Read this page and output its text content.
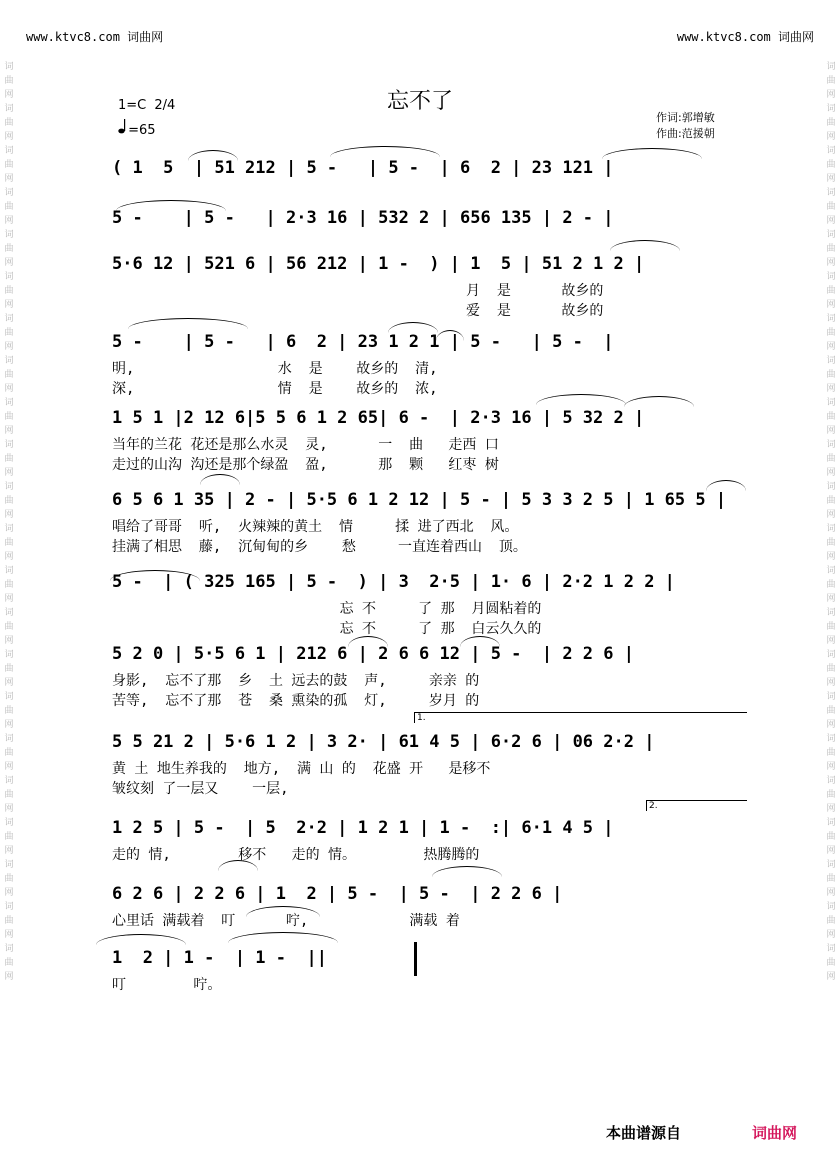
www.ktvc8.com 词曲网	www.ktvc8.com 词曲网
词曲网词曲网词曲网词曲网词曲网词曲网词曲网词曲网词曲网词曲网词曲网词曲网词曲网词曲网词曲网词曲网词曲网词曲网词曲网词曲网词曲网词曲网
词曲网词曲网词曲网词曲网词曲网词曲网词曲网词曲网词曲网词曲网词曲网词曲网词曲网词曲网词曲网词曲网词曲网词曲网词曲网词曲网词曲网词曲网
忘不了
1=C 2/4
=65
作词:郭增敏
作曲:范援朝
( 1  5  | 51 212 | 5 -   | 5 -  | 6  2 | 23 121 |
5 -    | 5 -   | 2·3 16 | 532 2 | 656 135 | 2 - |
5·6 12 | 521 6 | 56 212 | 1 -  ) | 1  5 | 51 2 1 2 |
月  是      故乡的
爱  是      故乡的
5 -    | 5 -   | 6  2 | 23 1 2 1 | 5 -   | 5 -  |
明,                 水  是    故乡的  清,
深,                 情  是    故乡的  浓,
1 5 1 |2 12 6|5 5 6 1 2 65| 6 -  | 2·3 16 | 5 32 2 |
当年的兰花 花还是那么水灵  灵,      一  曲   走西 口
走过的山沟 沟还是那个绿盈  盈,      那  颗   红枣 树
6 5 6 1 35 | 2 - | 5·5 6 1 2 12 | 5 - | 5 3 3 2 5 | 1 65 5 |
唱给了哥哥  听,  火辣辣的黄土  情     揉 进了西北  风。
挂满了相思  藤,  沉甸甸的乡    愁     一直连着西山  顶。
5 -  | ( 325 165 | 5 -  ) | 3  2·5 | 1· 6 | 2·2 1 2 2 |
忘 不     了 那  月圆粘着的
忘 不     了 那  白云久久的
5 2 0 | 5·5 6 1 | 212 6 | 2 6 6 12 | 5 -  | 2 2 6 |
身影,  忘不了那  乡  土 远去的鼓  声,     亲亲 的
苦等,  忘不了那  苍  桑 熏染的孤  灯,     岁月 的
5 5 21 2 | 5·6 1 2 | 3 2· | 61 4 5 | 6·2 6 | 06 2·2 |
黄 土 地生养我的  地方,  满 山 的  花盛 开   是移不
皱纹刻 了一层又    一层,
1 2 5 | 5 -  | 5  2·2 | 1 2 1 | 1 -  :| 6·1 4 5 |
走的 情,        移不   走的 情。        热腾腾的
6 2 6 | 2 2 6 | 1  2 | 5 -  | 5 -  | 2 2 6 |
心里话 满载着  叮      咛,            满载 着
1  2 | 1 -  | 1 -  ||
叮        咛。
1.
2.
本曲谱源自	词曲网
